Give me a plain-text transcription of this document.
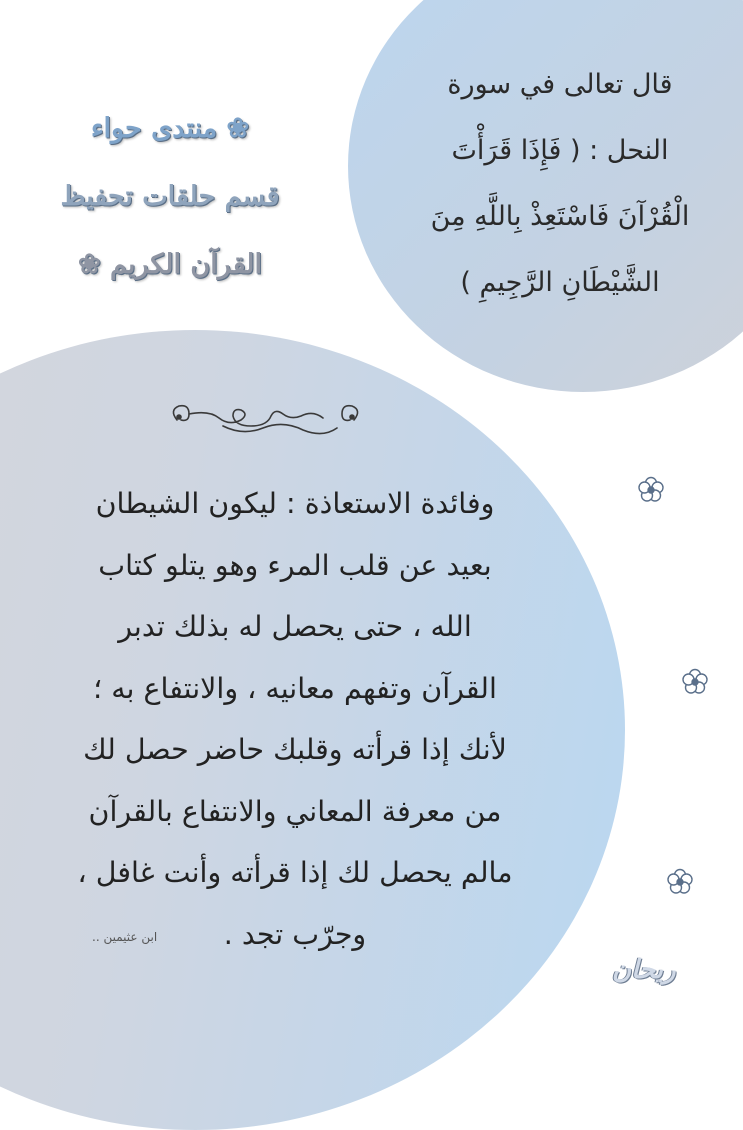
قال تعالى في سورة
النحل : ( فَإِذَا قَرَأْتَ
الْقُرْآنَ فَاسْتَعِذْ بِاللَّهِ مِنَ
الشَّيْطَانِ الرَّجِيمِ )
❀ منتدى حواء
قسم حلقات تحفيظ
القرآن الكريم ❀
وفائدة الاستعاذة : ليكون الشيطان
بعيد عن قلب المرء وهو يتلو كتاب
الله ، حتى يحصل له بذلك تدبر
القرآن وتفهم معانيه ، والانتفاع به ؛
لأنك إذا قرأته وقلبك حاضر حصل لك
من معرفة المعاني والانتفاع بالقرآن
مالم يحصل لك إذا قرأته وأنت غافل ،
وجرّب تجد .
ابن عثيمين ..
ريحان
